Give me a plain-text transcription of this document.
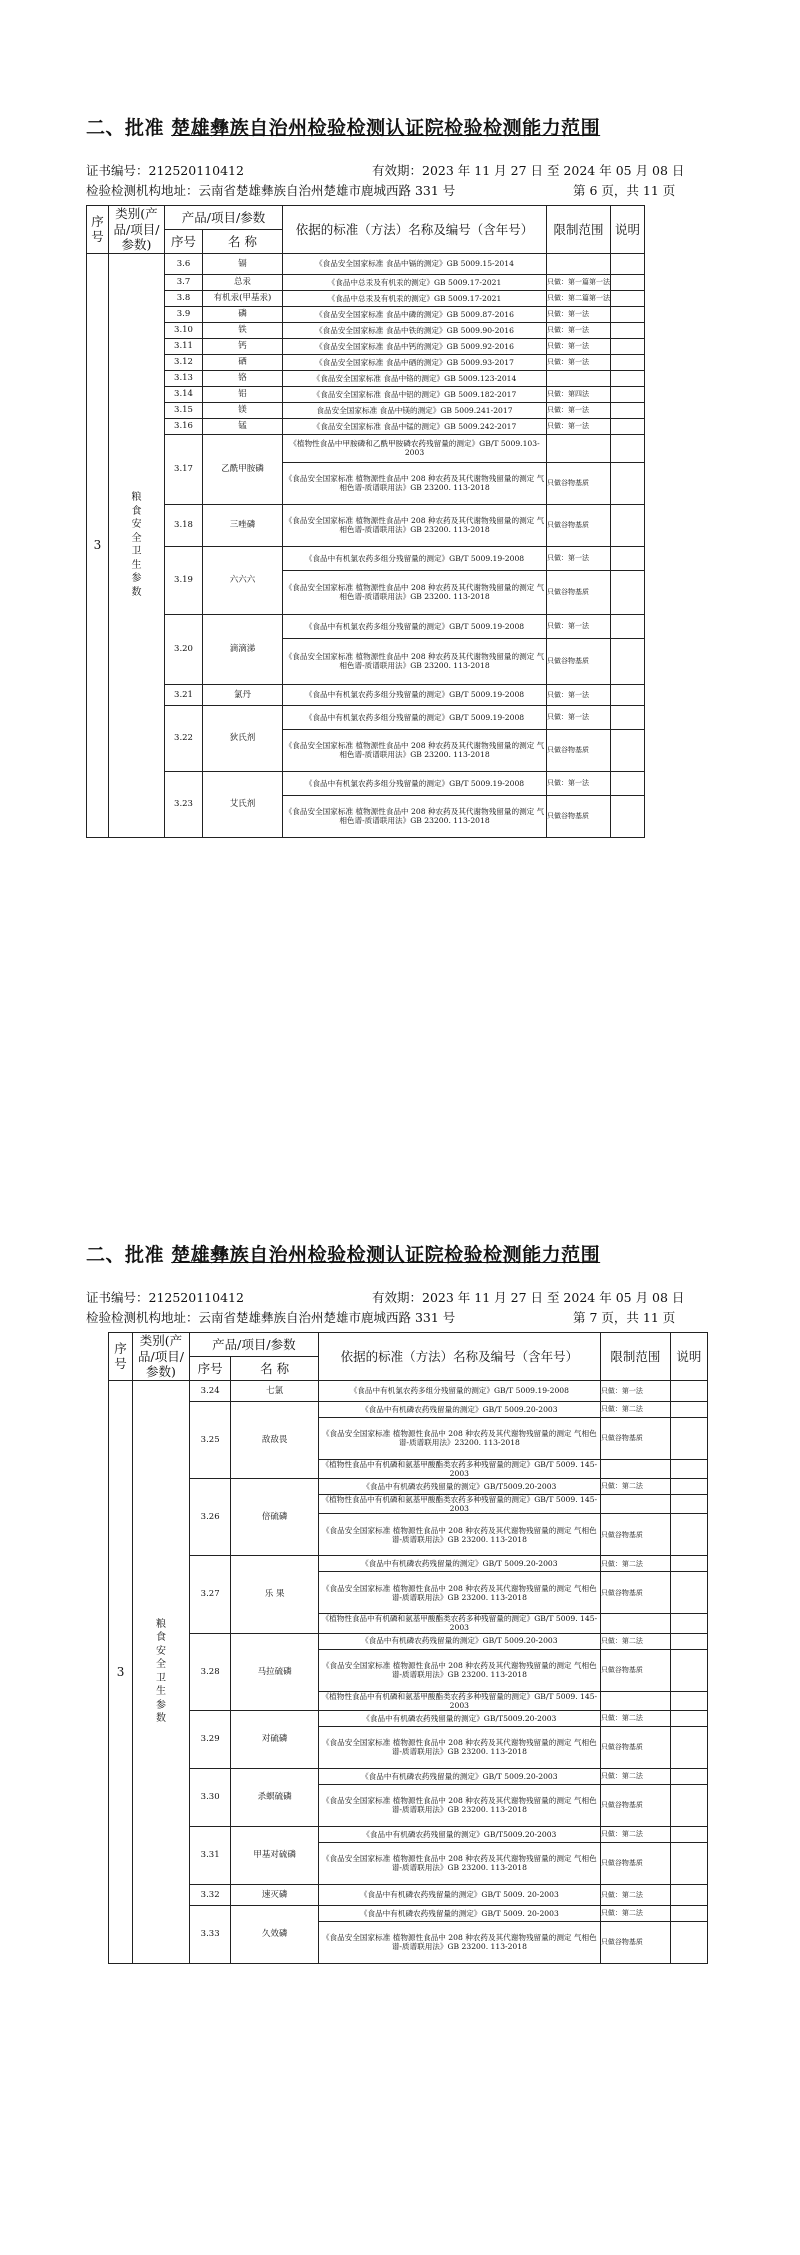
二、批准 楚雄彝族自治州检验检测认证院检验检测能力范围
证书编号：212520110412	有效期：2023 年 11 月 27 日 至 2024 年 05 月 08 日
检验检测机构地址：云南省楚雄彝族自治州楚雄市鹿城西路 331 号	第 6 页，共 11 页
序号	类别(产品/项目/参数)	产品/项目/参数		依据的标准（方法）名称及编号（含年号）	限制范围	说明
		序号	名 称			
3	粮食安全卫生参数	3.6	镉	《食品安全国家标准 食品中镉的测定》GB 5009.15-2014		
		3.7	总汞	《食品中总汞及有机汞的测定》GB 5009.17-2021	只做：第一篇第一法	
		3.8	有机汞(甲基汞)	《食品中总汞及有机汞的测定》GB 5009.17-2021	只做：第二篇第一法	
		3.9	磷	《食品安全国家标准 食品中磷的测定》GB 5009.87-2016	只做：第一法	
		3.10	铁	《食品安全国家标准 食品中铁的测定》GB 5009.90-2016	只做：第一法	
		3.11	钙	《食品安全国家标准 食品中钙的测定》GB 5009.92-2016	只做：第一法	
		3.12	硒	《食品安全国家标准 食品中硒的测定》GB 5009.93-2017	只做：第一法	
		3.13	铬	《食品安全国家标准 食品中铬的测定》GB 5009.123-2014		
		3.14	铝	《食品安全国家标准 食品中铝的测定》GB 5009.182-2017	只做：第四法	
		3.15	镁	食品安全国家标准 食品中镁的测定》GB 5009.241-2017	只做：第一法	
		3.16	锰	《食品安全国家标准 食品中锰的测定》GB 5009.242-2017	只做：第一法	
		3.17	乙酰甲胺磷	《植物性食品中甲胺磷和乙酰甲胺磷农药残留量的测定》GB/T 5009.103-2003		
				《食品安全国家标准 植物源性食品中 208 种农药及其代谢物残留量的测定 气相色谱-质谱联用法》GB 23200. 113-2018	只做谷物基质	
		3.18	三唑磷	《食品安全国家标准 植物源性食品中 208 种农药及其代谢物残留量的测定 气相色谱-质谱联用法》GB 23200. 113-2018	只做谷物基质	
		3.19	六六六	《食品中有机氯农药多组分残留量的测定》GB/T 5009.19-2008	只做：第一法	
				《食品安全国家标准 植物源性食品中 208 种农药及其代谢物残留量的测定 气相色谱-质谱联用法》GB 23200. 113-2018	只做谷物基质	
		3.20	滴滴涕	《食品中有机氯农药多组分残留量的测定》GB/T 5009.19-2008	只做：第一法	
				《食品安全国家标准 植物源性食品中 208 种农药及其代谢物残留量的测定 气相色谱-质谱联用法》GB 23200. 113-2018	只做谷物基质	
		3.21	氯丹	《食品中有机氯农药多组分残留量的测定》GB/T 5009.19-2008	只做：第一法	
		3.22	狄氏剂	《食品中有机氯农药多组分残留量的测定》GB/T 5009.19-2008	只做：第一法	
				《食品安全国家标准 植物源性食品中 208 种农药及其代谢物残留量的测定 气相色谱-质谱联用法》GB 23200. 113-2018	只做谷物基质	
		3.23	艾氏剂	《食品中有机氯农药多组分残留量的测定》GB/T 5009.19-2008	只做：第一法	
				《食品安全国家标准 植物源性食品中 208 种农药及其代谢物残留量的测定 气相色谱-质谱联用法》GB 23200. 113-2018	只做谷物基质	
二、批准 楚雄彝族自治州检验检测认证院检验检测能力范围
证书编号：212520110412	有效期：2023 年 11 月 27 日 至 2024 年 05 月 08 日
检验检测机构地址：云南省楚雄彝族自治州楚雄市鹿城西路 331 号	第 7 页，共 11 页
序号	类别(产品/项目/参数)	产品/项目/参数		依据的标准（方法）名称及编号（含年号）	限制范围	说明
		序号	名 称			
3	粮食安全卫生参数	3.24	七氯	《食品中有机氯农药多组分残留量的测定》GB/T 5009.19-2008	只做：第一法	
		3.25	敌敌畏	《食品中有机磷农药残留量的测定》GB/T 5009.20-2003	只做：第二法	
				《食品安全国家标准 植物源性食品中 208 种农药及其代谢物残留量的测定 气相色谱-质谱联用法》23200. 113-2018	只做谷物基质	
				《植物性食品中有机磷和氨基甲酸酯类农药多种残留量的测定》GB/T 5009. 145-2003		
		3.26	倍硫磷	《食品中有机磷农药残留量的测定》GB/T5009.20-2003	只做：第二法	
				《植物性食品中有机磷和氨基甲酸酯类农药多种残留量的测定》GB/T 5009. 145-2003		
				《食品安全国家标准 植物源性食品中 208 种农药及其代谢物残留量的测定 气相色谱-质谱联用法》GB 23200. 113-2018	只做谷物基质	
		3.27	乐 果	《食品中有机磷农药残留量的测定》GB/T 5009.20-2003	只做：第二法	
				《食品安全国家标准 植物源性食品中 208 种农药及其代谢物残留量的测定 气相色谱-质谱联用法》GB 23200. 113-2018	只做谷物基质	
				《植物性食品中有机磷和氨基甲酸酯类农药多种残留量的测定》GB/T 5009. 145-2003		
		3.28	马拉硫磷	《食品中有机磷农药残留量的测定》GB/T 5009.20-2003	只做：第二法	
				《食品安全国家标准 植物源性食品中 208 种农药及其代谢物残留量的测定 气相色谱-质谱联用法》GB 23200. 113-2018	只做谷物基质	
				《植物性食品中有机磷和氨基甲酸酯类农药多种残留量的测定》GB/T 5009. 145-2003		
		3.29	对硫磷	《食品中有机磷农药残留量的测定》GB/T5009.20-2003	只做：第二法	
				《食品安全国家标准 植物源性食品中 208 种农药及其代谢物残留量的测定 气相色谱-质谱联用法》GB 23200. 113-2018	只做谷物基质	
		3.30	杀螟硫磷	《食品中有机磷农药残留量的测定》GB/T 5009.20-2003	只做：第二法	
				《食品安全国家标准 植物源性食品中 208 种农药及其代谢物残留量的测定 气相色谱-质谱联用法》GB 23200. 113-2018	只做谷物基质	
		3.31	甲基对硫磷	《食品中有机磷农药残留量的测定》GB/T5009.20-2003	只做：第二法	
				《食品安全国家标准 植物源性食品中 208 种农药及其代谢物残留量的测定 气相色谱-质谱联用法》GB 23200. 113-2018	只做谷物基质	
		3.32	速灭磷	《食品中有机磷农药残留量的测定》GB/T 5009. 20-2003	只做：第二法	
		3.33	久效磷	《食品中有机磷农药残留量的测定》GB/T 5009. 20-2003	只做：第二法	
				《食品安全国家标准 植物源性食品中 208 种农药及其代谢物残留量的测定 气相色谱-质谱联用法》GB 23200. 113-2018	只做谷物基质	
